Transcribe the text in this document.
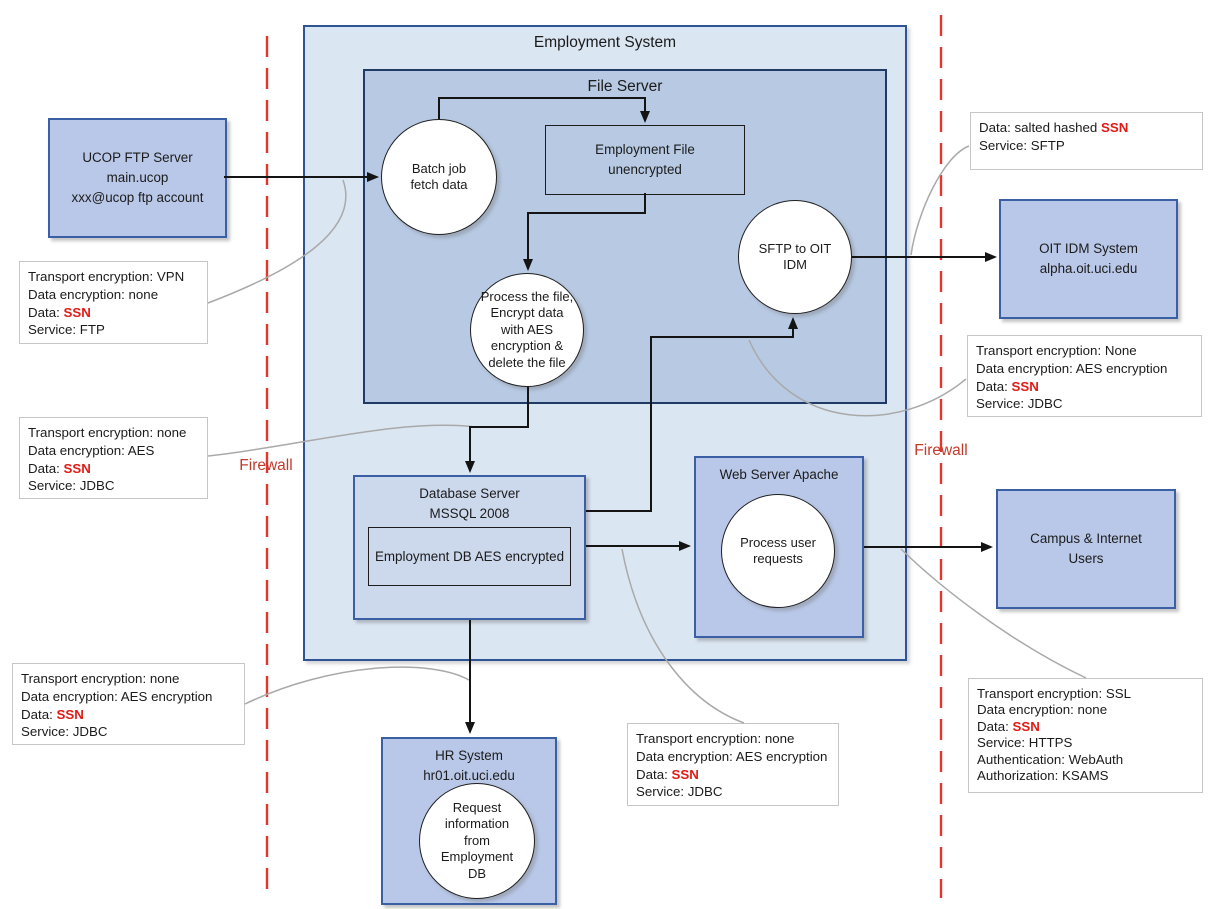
Employment System
File Server
UCOP FTP Server
main.ucop
xxx@ucop ftp account
Employment File
unencrypted
OIT IDM System
alpha.oit.uci.edu
Database Server
MSSQL 2008
Employment DB AES encrypted
Web Server Apache
Campus & Internet
Users
HR System
hr01.oit.uci.edu
Batch job
fetch data
Process the file, Encrypt data with AES encryption & delete the file
SFTP to OIT
IDM
Process user
requests
Request information from Employment DB
Transport encryption: VPN
Data encryption: none
Data: SSN
Service: FTP
Transport encryption: none
Data encryption: AES
Data: SSN
Service: JDBC
Transport encryption: none
Data encryption: AES encryption
Data: SSN
Service: JDBC	Transport encryption: none
Data encryption: AES encryption
Data: SSN
Service: JDBC
Data: salted hashed SSN
Service: SFTP
Transport encryption: None
Data encryption: AES encryption
Data: SSN
Service: JDBC
Transport encryption: SSL
Data encryption: none
Data: SSN
Service: HTTPS
Authentication: WebAuth
Authorization: KSAMS
Firewall
Firewall
